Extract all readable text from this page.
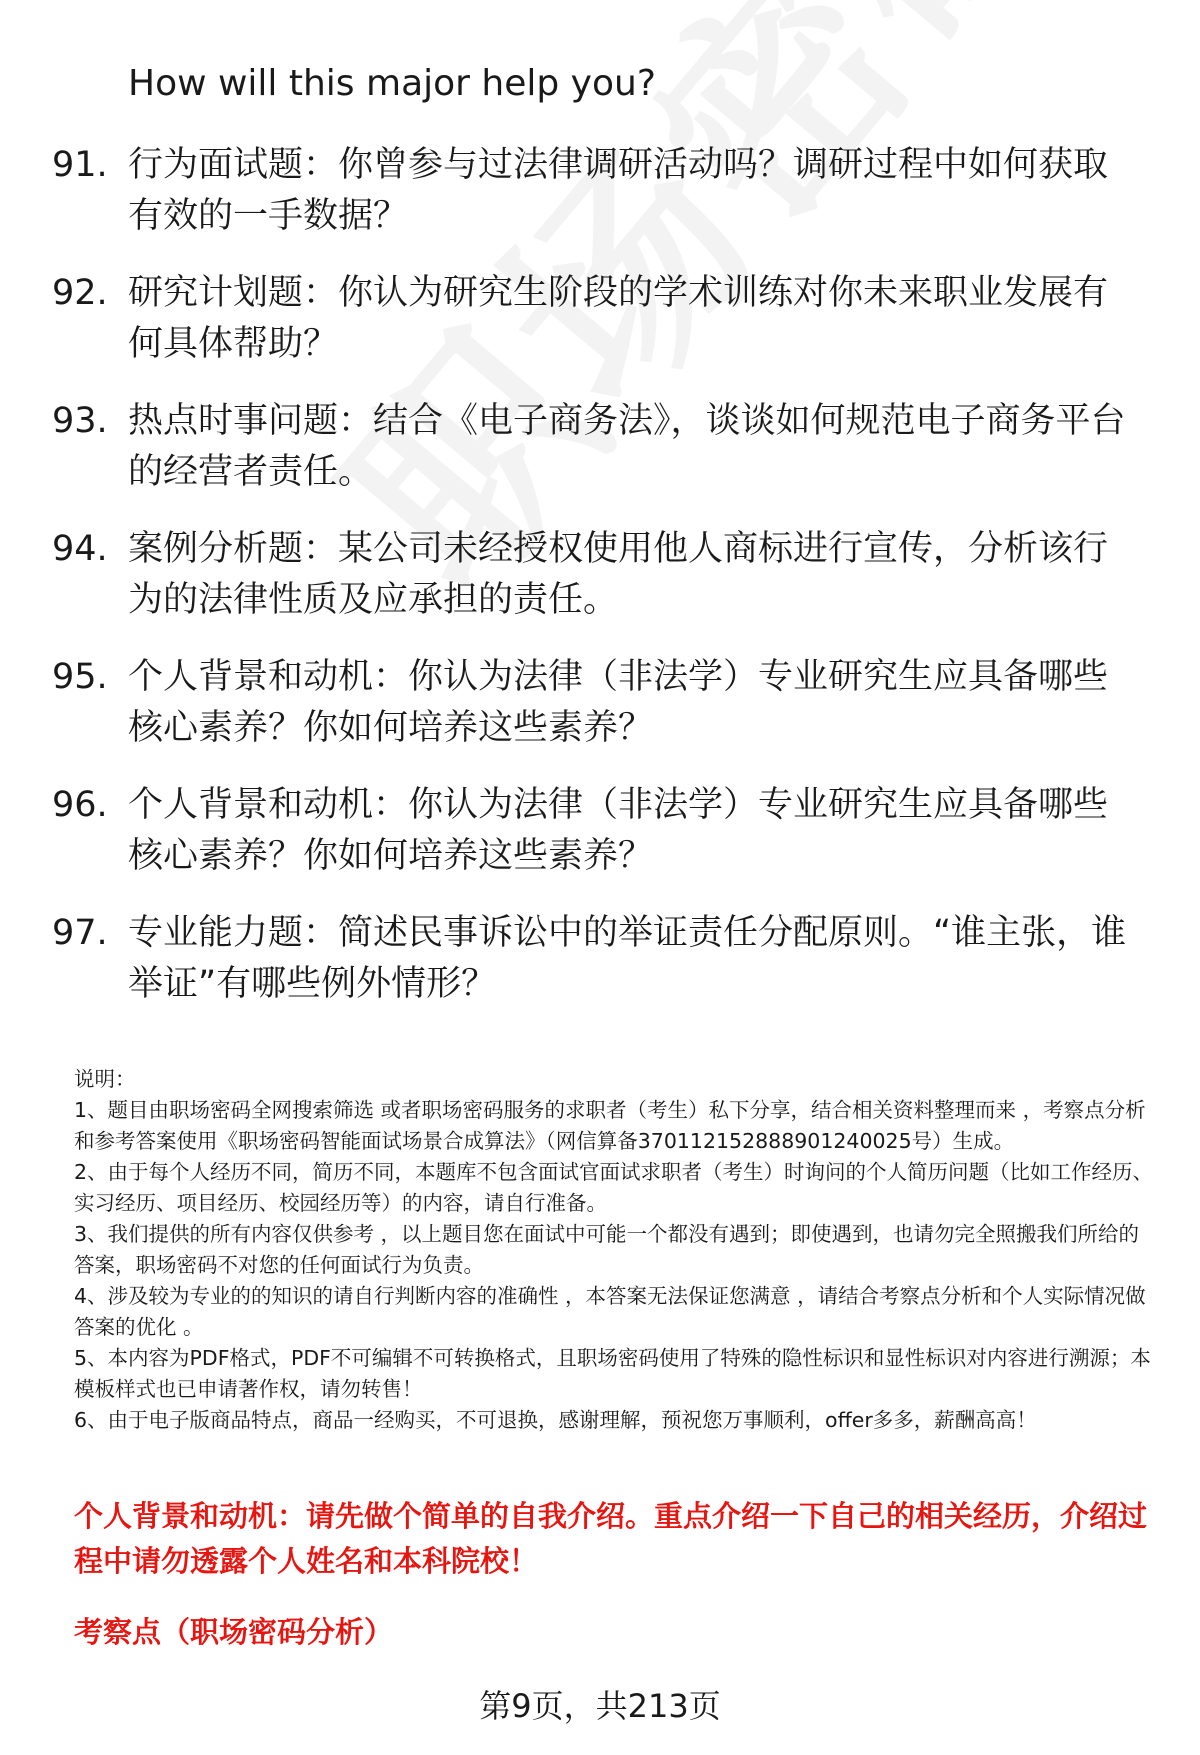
How will this major help you?

91. 行为面试题：你曾参与过法律调研活动吗？调研过程中如何获取有效的一手数据？
92. 研究计划题：你认为研究生阶段的学术训练对你未来职业发展有何具体帮助？
93. 热点时事问题：结合《电子商务法》，谈谈如何规范电子商务平台的经营者责任。
94. 案例分析题：某公司未经授权使用他人商标进行宣传，分析该行为的法律性质及应承担的责任。
95. 个人背景和动机：你认为法律（非法学）专业研究生应具备哪些核心素养？你如何培养这些素养？
96. 个人背景和动机：你认为法律（非法学）专业研究生应具备哪些核心素养？你如何培养这些素养？
97. 专业能力题：简述民事诉讼中的举证责任分配原则。“谁主张，谁举证”有哪些例外情形？

说明：

1、题目由职场密码全网搜索筛选 或者职场密码服务的求职者（考生）私下分享，结合相关资料整理而来 ，考察点分析和参考答案使用《职场密码智能面试场景合成算法》（网信算备370112152888901240025号）生成。

2、由于每个人经历不同，简历不同，本题库不包含面试官面试求职者（考生）时询问的个人简历问题（比如工作经历、实习经历、项目经历、校园经历等）的内容，请自行准备。

3、我们提供的所有内容仅供参考 ，以上题目您在面试中可能一个都没有遇到；即使遇到，也请勿完全照搬我们所给的答案，职场密码不对您的任何面试行为负责。

4、涉及较为专业的的知识的请自行判断内容的准确性 ，本答案无法保证您满意 ，请结合考察点分析和个人实际情况做答案的优化 。

5、本内容为PDF格式，PDF不可编辑不可转换格式，且职场密码使用了特殊的隐性标识和显性标识对内容进行溯源；本模板样式也已申请著作权，请勿转售！

6、由于电子版商品特点，商品一经购买，不可退换，感谢理解，预祝您万事顺利，offer多多，薪酬高高！

个人背景和动机：请先做个简单的自我介绍。重点介绍一下自己的相关经历，介绍过程中请勿透露个人姓名和本科院校！

考察点（职场密码分析）

第9页，共213页
